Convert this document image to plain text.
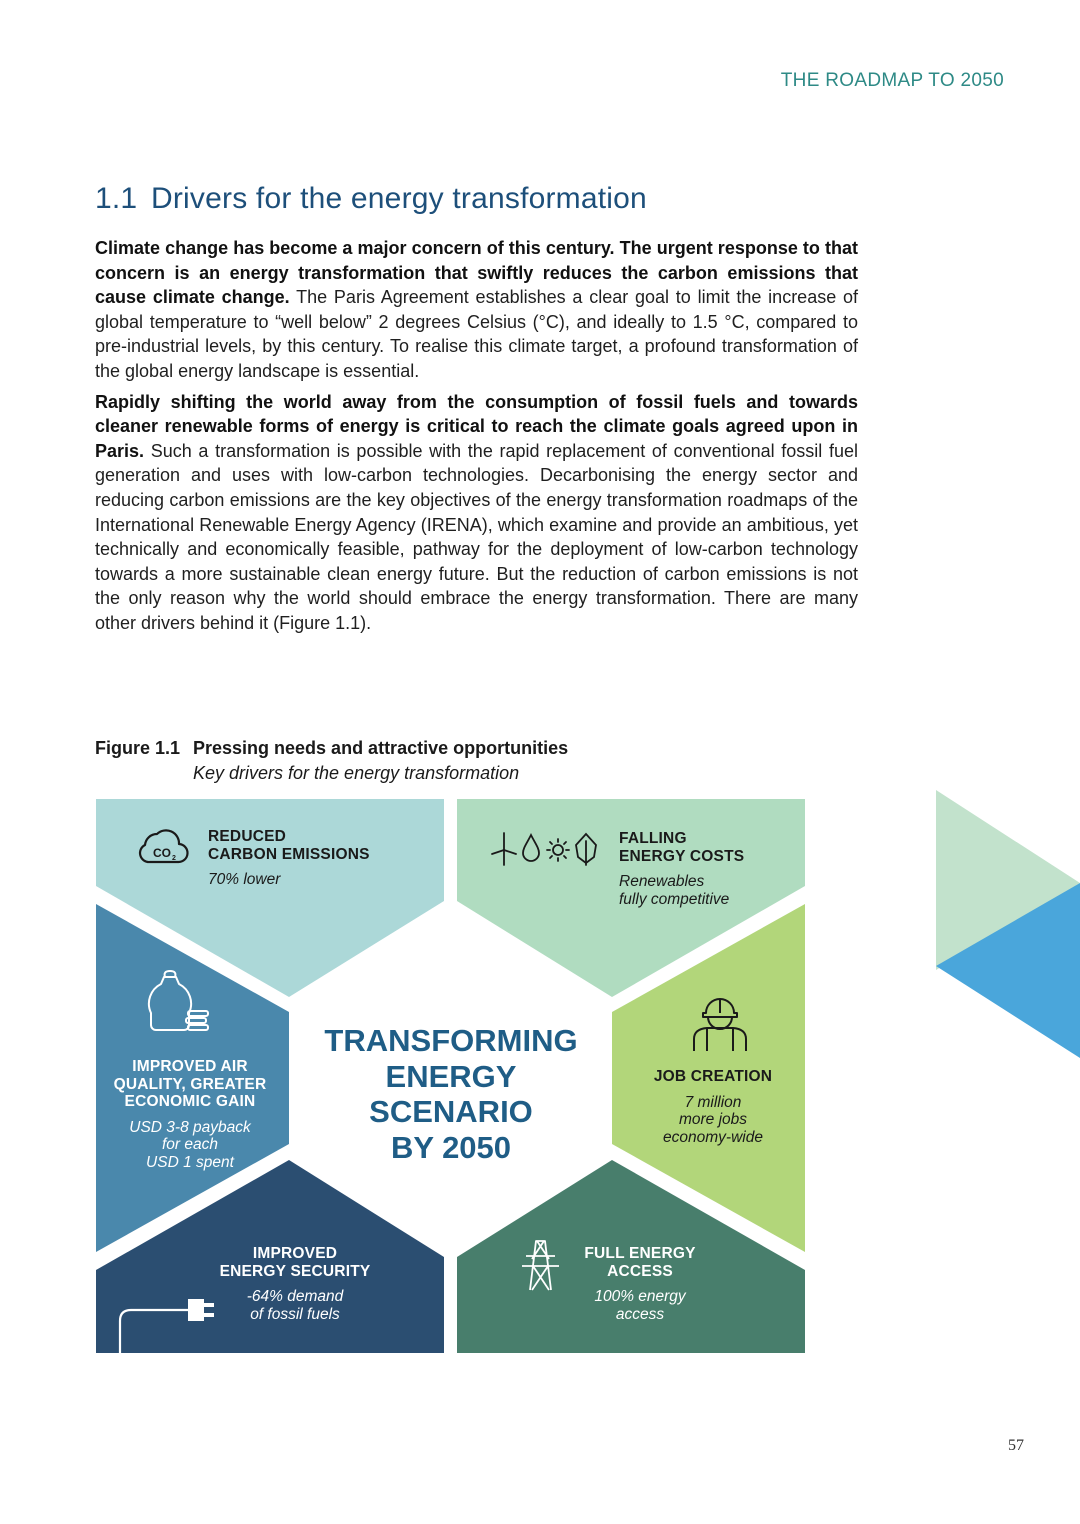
THE ROADMAP TO 2050
1.1 Drivers for the energy transformation

Climate change has become a major concern of this century. The urgent response to that concern is an energy transformation that swiftly reduces the carbon emissions that cause climate change. The Paris Agreement establishes a clear goal to limit the increase of global temperature to “well below” 2 degrees Celsius (°C), and ideally to 1.5 °C, compared to pre-industrial levels, by this century. To realise this climate target, a profound transformation of the global energy landscape is essential.

Rapidly shifting the world away from the consumption of fossil fuels and towards cleaner renewable forms of energy is critical to reach the climate goals agreed upon in Paris. Such a transformation is possible with the rapid replacement of conventional fossil fuel generation and uses with low-carbon technologies. Decarbonising the energy sector and reducing carbon emissions are the key objectives of the energy transformation roadmaps of the International Renewable Energy Agency (IRENA), which examine and provide an ambitious, yet technically and economically feasible, pathway for the deployment of low-carbon technology towards a more sustainable clean energy future. But the reduction of carbon emissions is not the only reason why the world should embrace the energy transformation. There are many other drivers behind it (Figure 1.1).

Figure 1.1 Pressing needs and attractive opportunities
Key drivers for the energy transformation
CO 2
TRANSFORMING
ENERGY SCENARIO
BY 2050
REDUCED
CARBON EMISSIONS
70% lower
FALLING
ENERGY COSTS
Renewables
fully competitive
IMPROVED AIR
QUALITY, GREATER
ECONOMIC GAIN
USD 3-8 payback
for each
USD 1 spent
JOB CREATION
7 million
more jobs
economy-wide
IMPROVED
ENERGY SECURITY
-64% demand
of fossil fuels
FULL ENERGY
ACCESS
100% energy
access
57
